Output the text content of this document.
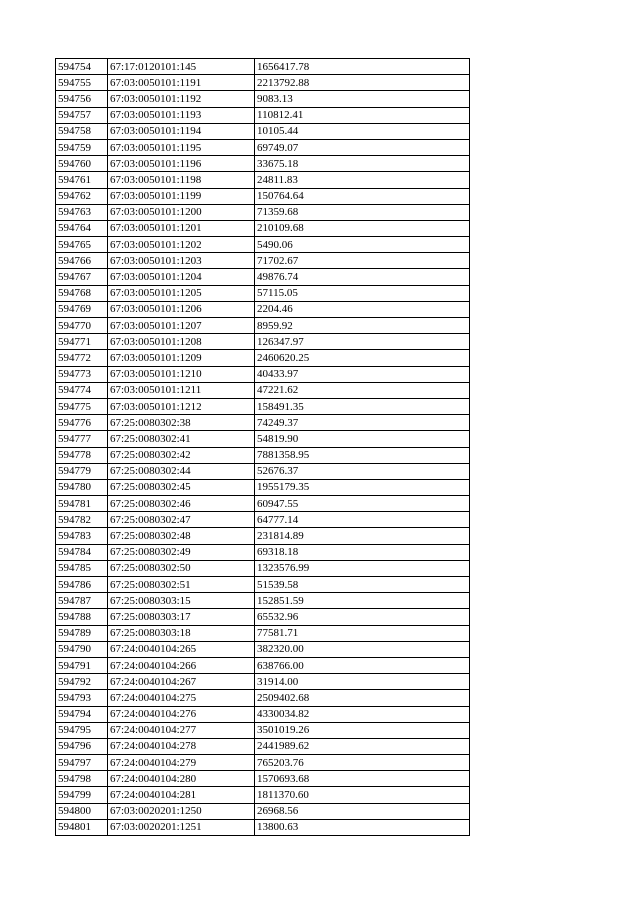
594754	67:17:0120101:145	1656417.78
594755	67:03:0050101:1191	2213792.88
594756	67:03:0050101:1192	9083.13
594757	67:03:0050101:1193	110812.41
594758	67:03:0050101:1194	10105.44
594759	67:03:0050101:1195	69749.07
594760	67:03:0050101:1196	33675.18
594761	67:03:0050101:1198	24811.83
594762	67:03:0050101:1199	150764.64
594763	67:03:0050101:1200	71359.68
594764	67:03:0050101:1201	210109.68
594765	67:03:0050101:1202	5490.06
594766	67:03:0050101:1203	71702.67
594767	67:03:0050101:1204	49876.74
594768	67:03:0050101:1205	57115.05
594769	67:03:0050101:1206	2204.46
594770	67:03:0050101:1207	8959.92
594771	67:03:0050101:1208	126347.97
594772	67:03:0050101:1209	2460620.25
594773	67:03:0050101:1210	40433.97
594774	67:03:0050101:1211	47221.62
594775	67:03:0050101:1212	158491.35
594776	67:25:0080302:38	74249.37
594777	67:25:0080302:41	54819.90
594778	67:25:0080302:42	7881358.95
594779	67:25:0080302:44	52676.37
594780	67:25:0080302:45	1955179.35
594781	67:25:0080302:46	60947.55
594782	67:25:0080302:47	64777.14
594783	67:25:0080302:48	231814.89
594784	67:25:0080302:49	69318.18
594785	67:25:0080302:50	1323576.99
594786	67:25:0080302:51	51539.58
594787	67:25:0080303:15	152851.59
594788	67:25:0080303:17	65532.96
594789	67:25:0080303:18	77581.71
594790	67:24:0040104:265	382320.00
594791	67:24:0040104:266	638766.00
594792	67:24:0040104:267	31914.00
594793	67:24:0040104:275	2509402.68
594794	67:24:0040104:276	4330034.82
594795	67:24:0040104:277	3501019.26
594796	67:24:0040104:278	2441989.62
594797	67:24:0040104:279	765203.76
594798	67:24:0040104:280	1570693.68
594799	67:24:0040104:281	1811370.60
594800	67:03:0020201:1250	26968.56
594801	67:03:0020201:1251	13800.63
